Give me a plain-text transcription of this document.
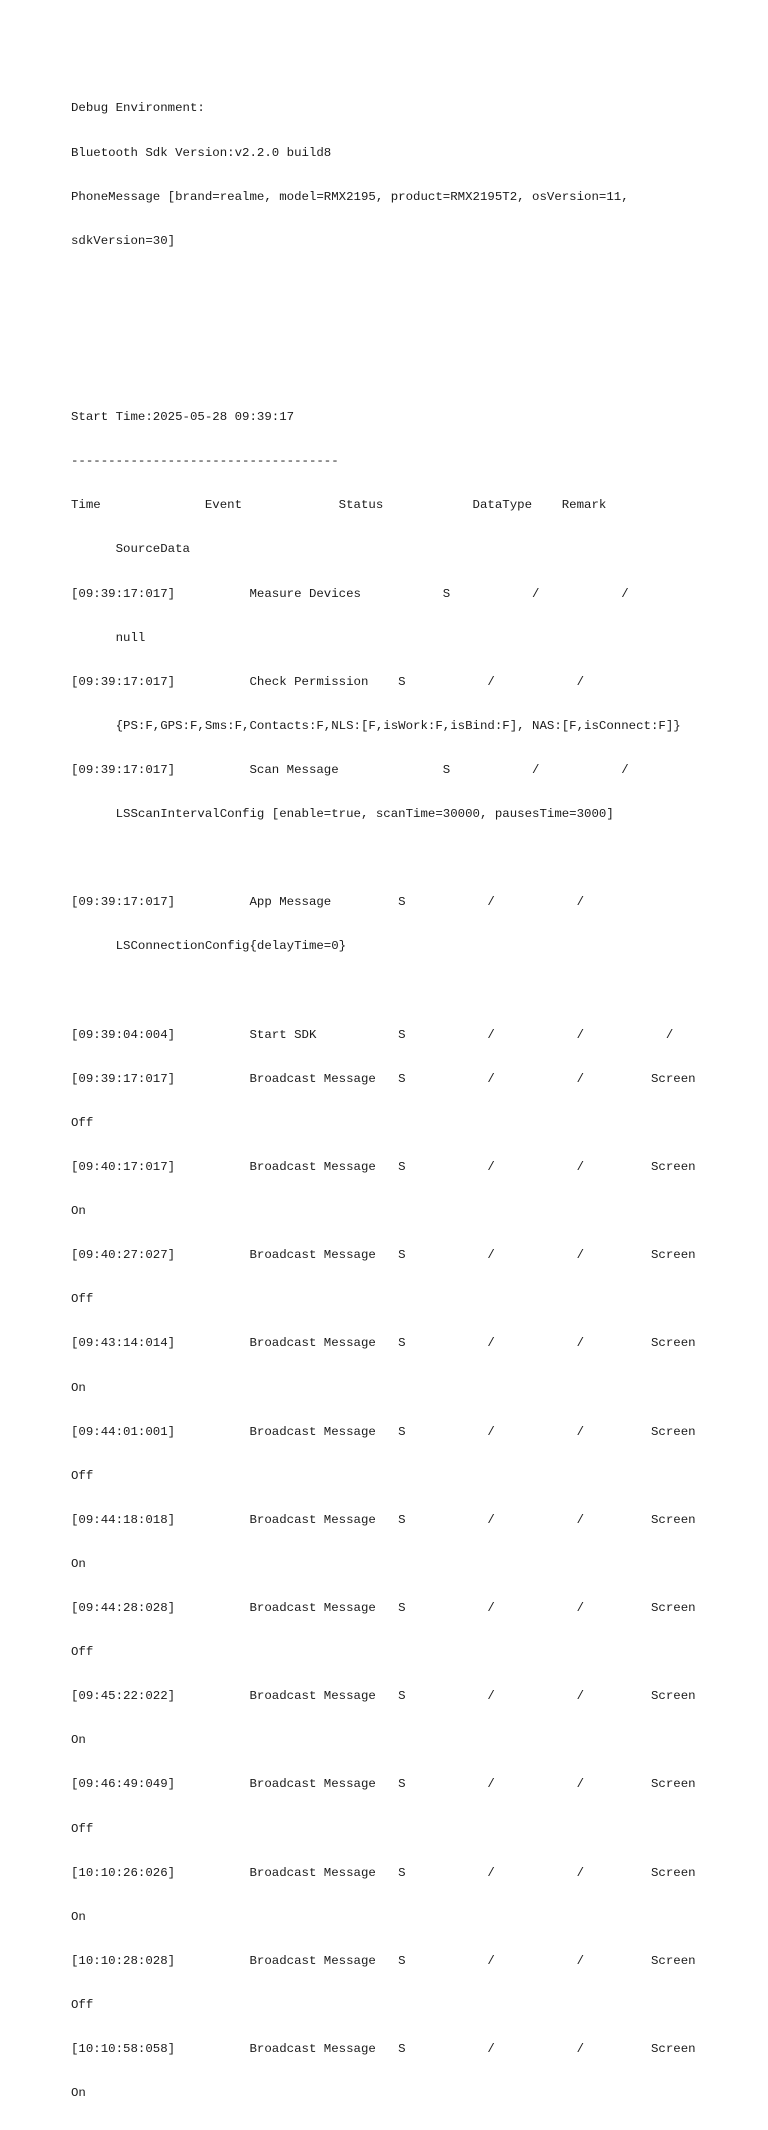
Debug Environment:

Bluetooth Sdk Version:v2.2.0 build8

PhoneMessage [brand=realme, model=RMX2195, product=RMX2195T2, osVersion=11,

sdkVersion=30]

Start Time:2025-05-28 09:39:17

------------------------------------

Time              Event             Status            DataType    Remark

SourceData

[09:39:17:017]          Measure Devices           S           /           /

null

[09:39:17:017]          Check Permission    S           /           /

{PS:F,GPS:F,Sms:F,Contacts:F,NLS:[F,isWork:F,isBind:F], NAS:[F,isConnect:F]}

[09:39:17:017]          Scan Message              S           /           /

LSScanIntervalConfig [enable=true, scanTime=30000, pausesTime=3000]

[09:39:17:017]          App Message         S           /           /

LSConnectionConfig{delayTime=0}

[09:39:04:004]          Start SDK           S           /           /           /

[09:39:17:017]          Broadcast Message   S           /           /         Screen

Off

[09:40:17:017]          Broadcast Message   S           /           /         Screen

On

[09:40:27:027]          Broadcast Message   S           /           /         Screen

Off

[09:43:14:014]          Broadcast Message   S           /           /         Screen

On

[09:44:01:001]          Broadcast Message   S           /           /         Screen

Off

[09:44:18:018]          Broadcast Message   S           /           /         Screen

On

[09:44:28:028]          Broadcast Message   S           /           /         Screen

Off

[09:45:22:022]          Broadcast Message   S           /           /         Screen

On

[09:46:49:049]          Broadcast Message   S           /           /         Screen

Off

[10:10:26:026]          Broadcast Message   S           /           /         Screen

On

[10:10:28:028]          Broadcast Message   S           /           /         Screen

Off

[10:10:58:058]          Broadcast Message   S           /           /         Screen

On
